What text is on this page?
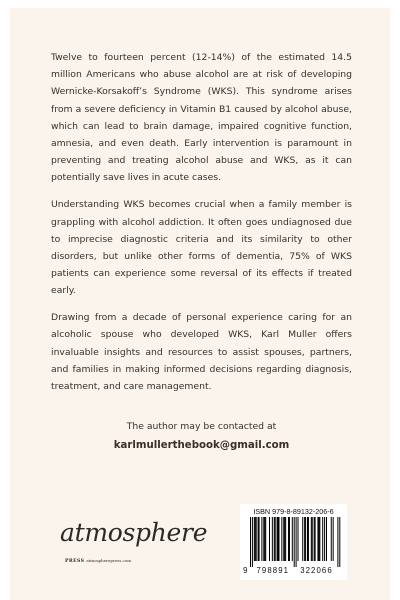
Twelve to fourteen percent (12-14%) of the estimated 14.5 million Americans who abuse alcohol are at risk of developing Wernicke-Korsakoff’s Syndrome (WKS). This syndrome arises from a severe deficiency in Vitamin B1 caused by alcohol abuse, which can lead to brain damage, impaired cognitive function, amnesia, and even death. Early intervention is paramount in preventing and treating alcohol abuse and WKS, as it can potentially save lives in acute cases.

Understanding WKS becomes crucial when a family member is grappling with alcohol addiction. It often goes undiagnosed due to imprecise diagnostic criteria and its similarity to other disorders, but unlike other forms of dementia, 75% of WKS patients can experience some reversal of its effects if treated early.

Drawing from a decade of personal experience caring for an alcoholic spouse who developed WKS, Karl Muller offers invaluable insights and resources to assist spouses, partners, and families in making informed decisions regarding diagnosis, treatment, and care management.

The author may be contacted at
karlmullerthebook@gmail.com
atmosphere
PRESS atmospherepress.com
ISBN 979-8-89132-206-6
9 798891 322066
